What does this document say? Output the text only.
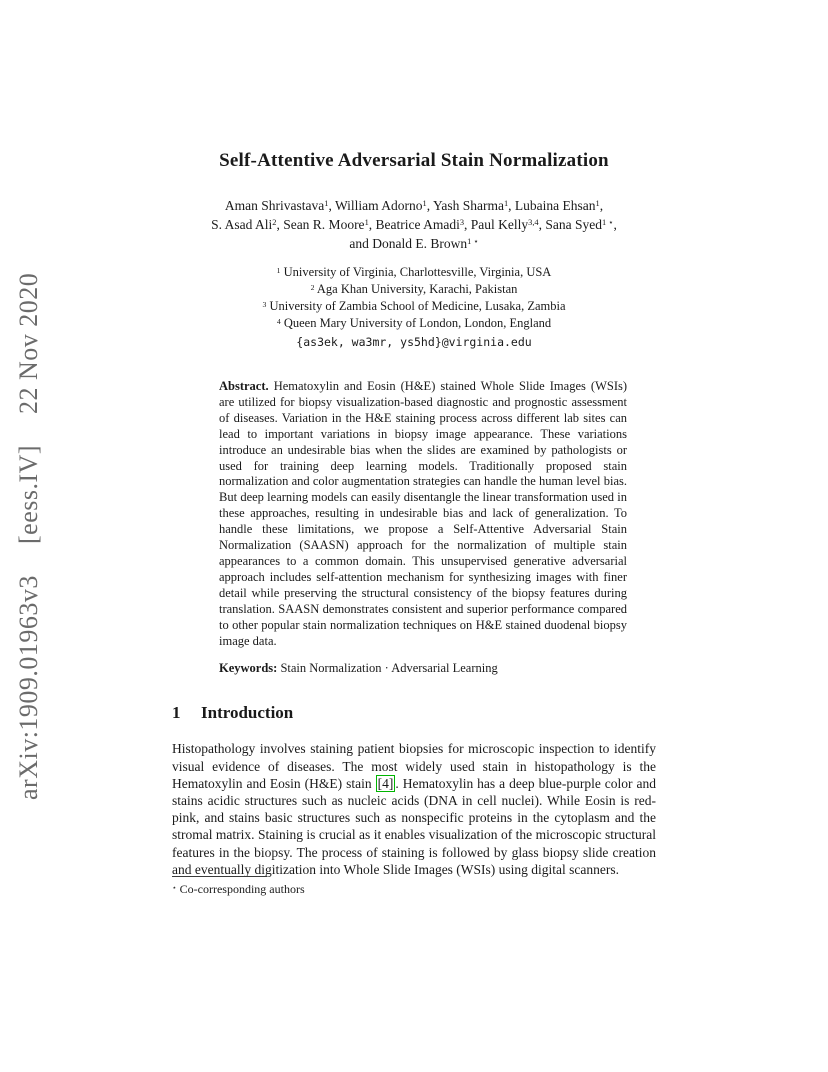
arXiv:1909.01963v3 [eess.IV] 22 Nov 2020
Self-Attentive Adversarial Stain Normalization
Aman Shrivastava$^1$, William Adorno$^1$, Yash Sharma$^1$, Lubaina Ehsan$^1$,
S. Asad Ali$^2$, Sean R. Moore$^1$, Beatrice Amadi$^3$, Paul Kelly$^{3,4}$, Sana Syed$^{1 ⋆}$,
and Donald E. Brown$^{1 ⋆}$
$^1$ University of Virginia, Charlottesville, Virginia, USA
$^2$ Aga Khan University, Karachi, Pakistan
$^3$ University of Zambia School of Medicine, Lusaka, Zambia
$^4$ Queen Mary University of London, London, England
{as3ek, wa3mr, ys5hd}@virginia.edu

Abstract. Hematoxylin and Eosin (H&E) stained Whole Slide Images (WSIs) are utilized for biopsy visualization-based diagnostic and prognostic assessment of diseases. Variation in the H&E staining process across different lab sites can lead to important variations in biopsy image appearance. These variations introduce an undesirable bias when the slides are examined by pathologists or used for training deep learning models. Traditionally proposed stain normalization and color augmentation strategies can handle the human level bias. But deep learning models can easily disentangle the linear transformation used in these approaches, resulting in undesirable bias and lack of generalization. To handle these limitations, we propose a Self-Attentive Adversarial Stain Normalization (SAASN) approach for the normalization of multiple stain appearances to a common domain. This unsupervised generative adversarial approach includes self-attention mechanism for synthesizing images with finer detail while preserving the structural consistency of the biopsy features during translation. SAASN demonstrates consistent and superior performance compared to other popular stain normalization techniques on H&E stained duodenal biopsy image data.

Keywords: Stain Normalization · Adversarial Learning

1 Introduction

Histopathology involves staining patient biopsies for microscopic inspection to identify visual evidence of diseases. The most widely used stain in histopathology is the Hematoxylin and Eosin (H&E) stain [4] . Hematoxylin has a deep blue-purple color and stains acidic structures such as nucleic acids (DNA in cell nuclei). While Eosin is red-pink, and stains basic structures such as nonspecific proteins in the cytoplasm and the stromal matrix. Staining is crucial as it enables visualization of the microscopic structural features in the biopsy. The process of staining is followed by glass biopsy slide creation and eventually digitization into Whole Slide Images (WSIs) using digital scanners.

⋆ Co-corresponding authors
